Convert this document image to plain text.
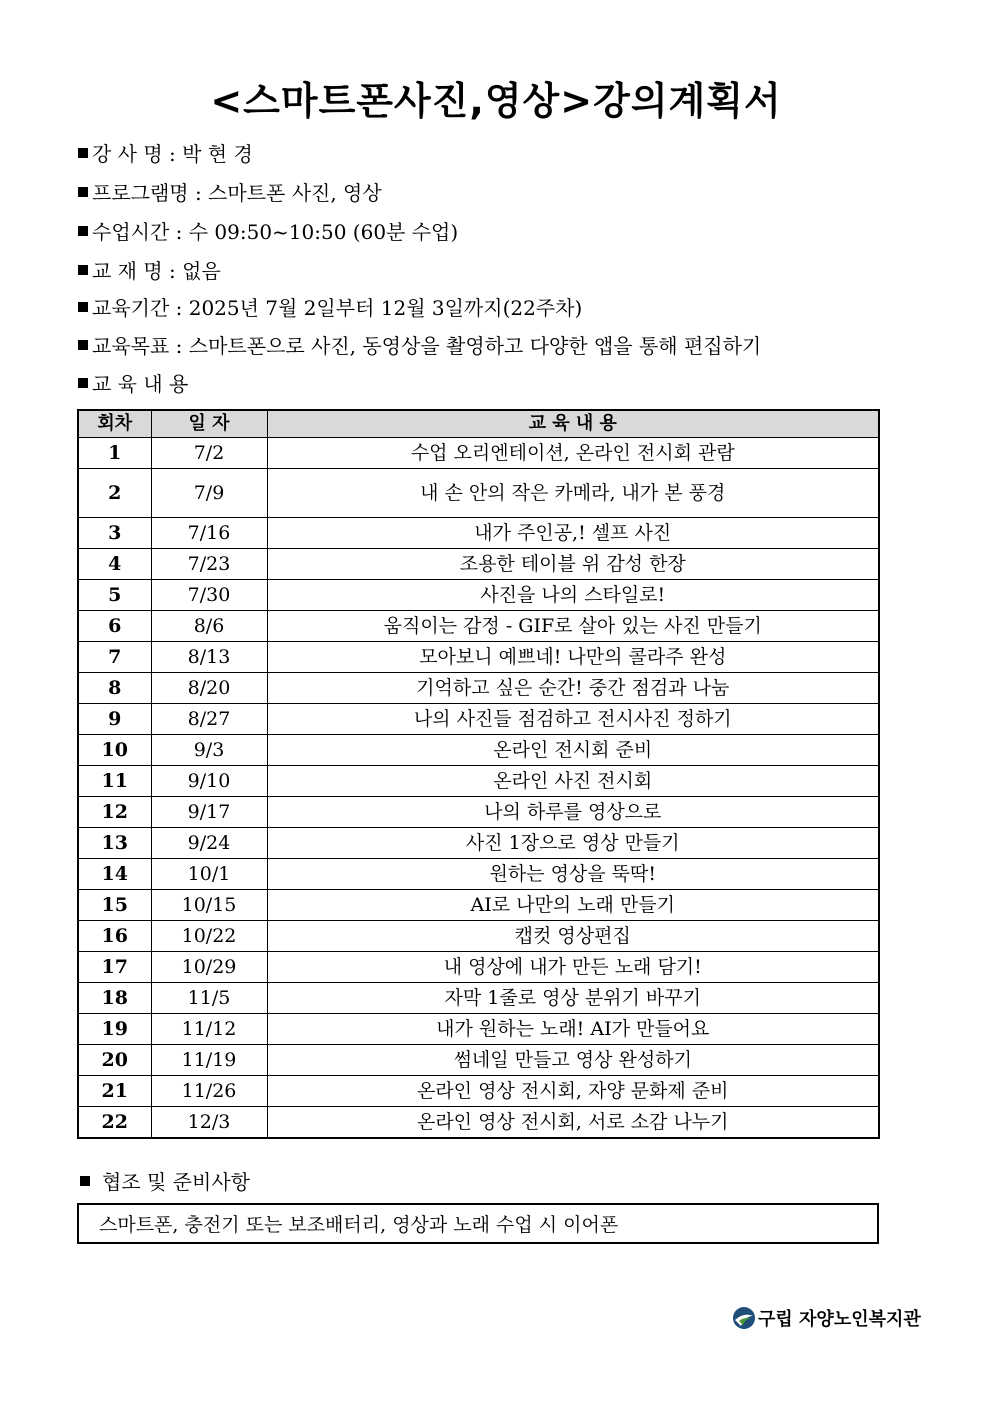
<스마트폰사진,영상>강의계획서
강 사 명 : 박 현 경
프로그램명 : 스마트폰 사진, 영상
수업시간 : 수 09:50~10:50 (60분 수업)
교 재 명 : 없음
교육기간 : 2025년 7월 2일부터 12월 3일까지(22주차)
교육목표 : 스마트폰으로 사진, 동영상을 촬영하고 다양한 앱을 통해 편집하기
교 육 내 용
회차	일 자	교 육 내 용
1	7/2	수업 오리엔테이션, 온라인 전시회 관람
2	7/9	내 손 안의 작은 카메라, 내가 본 풍경
3	7/16	내가 주인공,! 셀프 사진
4	7/23	조용한 테이블 위 감성 한장
5	7/30	사진을 나의 스타일로!
6	8/6	움직이는 감정 - GIF로 살아 있는 사진 만들기
7	8/13	모아보니 예쁘네! 나만의 콜라주 완성
8	8/20	기억하고 싶은 순간! 중간 점검과 나눔
9	8/27	나의 사진들 점검하고 전시사진 정하기
10	9/3	온라인 전시회 준비
11	9/10	온라인 사진 전시회
12	9/17	나의 하루를 영상으로
13	9/24	사진 1장으로 영상 만들기
14	10/1	원하는 영상을 뚝딱!
15	10/15	AI로 나만의 노래 만들기
16	10/22	캡컷 영상편집
17	10/29	내 영상에 내가 만든 노래 담기!
18	11/5	자막 1줄로 영상 분위기 바꾸기
19	11/12	내가 원하는 노래! AI가 만들어요
20	11/19	썸네일 만들고 영상 완성하기
21	11/26	온라인 영상 전시회, 자양 문화제 준비
22	12/3	온라인 영상 전시회, 서로 소감 나누기
협조 및 준비사항
스마트폰, 충전기 또는 보조배터리, 영상과 노래 수업 시 이어폰
구립 자양노인복지관
